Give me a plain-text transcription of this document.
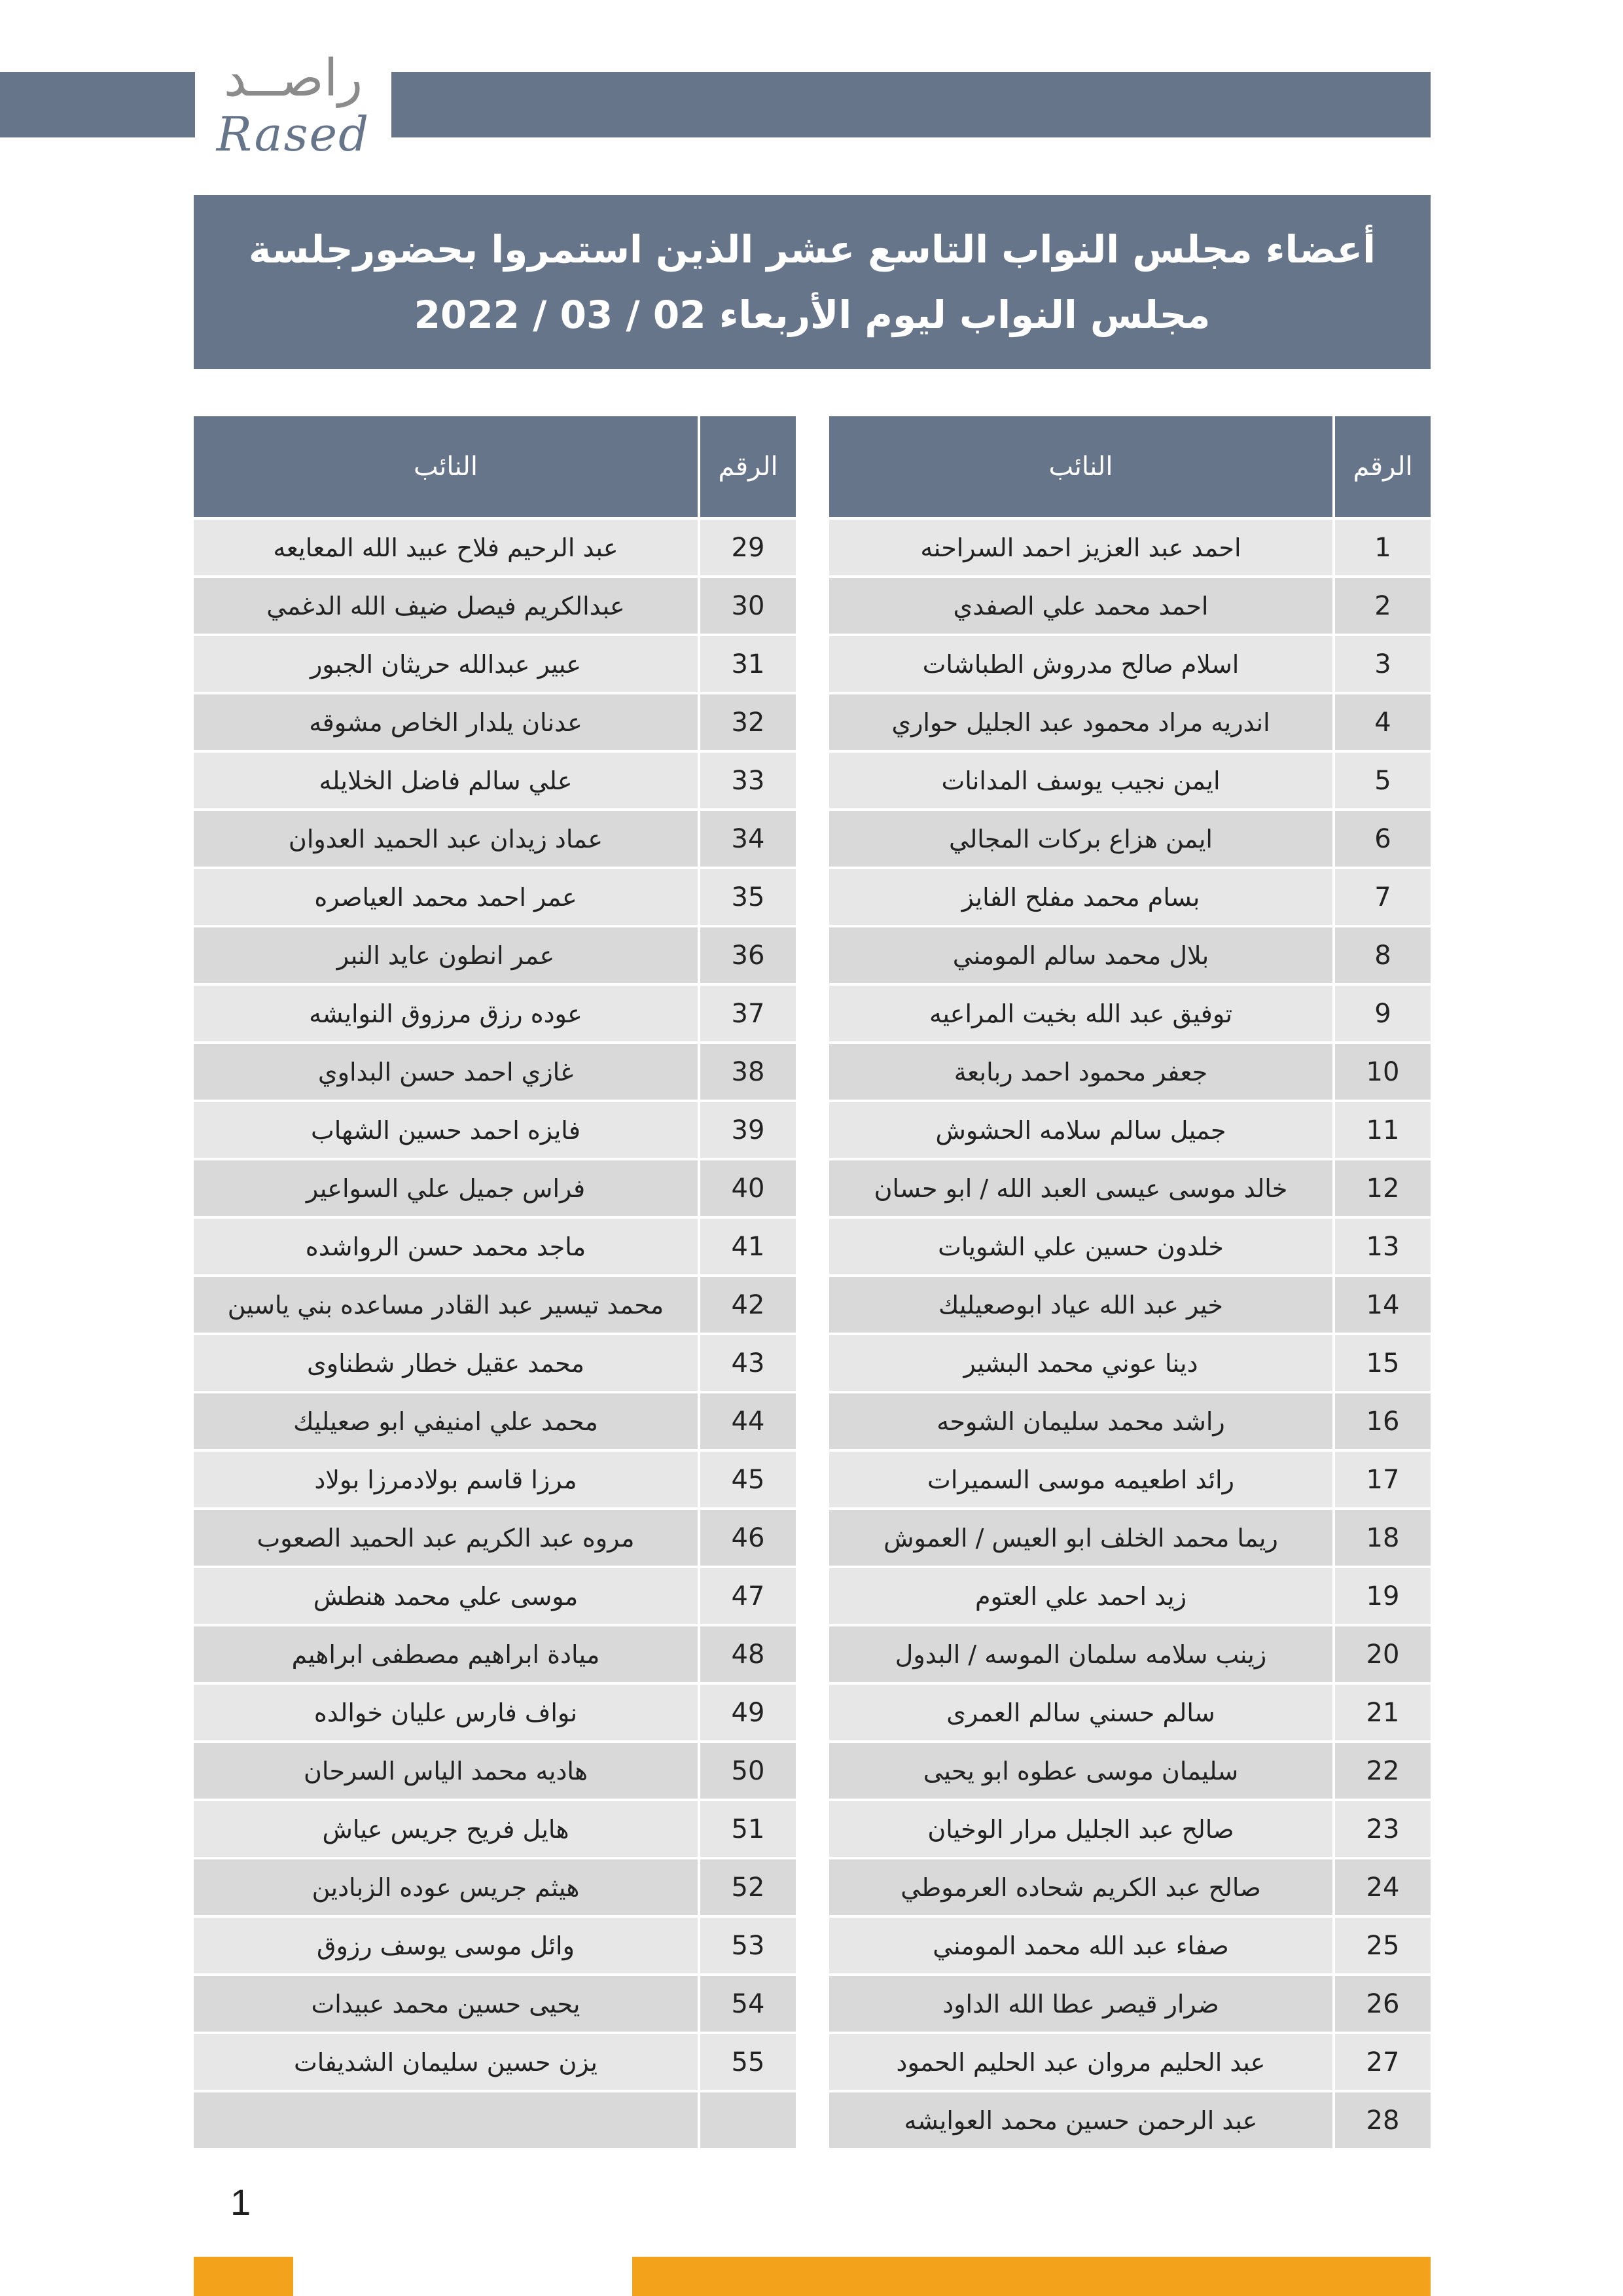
راصــد
Rased
أعضاء مجلس النواب التاسع عشر الذين استمروا بحضورجلسة
مجلس النواب ليوم الأربعاء 02 / 03 / 2022
النائب	الرقم
عبد الرحيم فلاح عبيد الله المعايعه	29
عبدالكريم فيصل ضيف الله الدغمي	30
عبير عبدالله حريثان الجبور	31
عدنان يلدار الخاص مشوقه	32
علي سالم فاضل الخلايله	33
عماد زيدان عبد الحميد العدوان	34
عمر احمد محمد العياصره	35
عمر انطون عايد النبر	36
عوده رزق مرزوق النوايشه	37
غازي احمد حسن البداوي	38
فايزه احمد حسين الشهاب	39
فراس جميل علي السواعير	40
ماجد محمد حسن الرواشده	41
محمد تيسير عبد القادر مساعده بني ياسين	42
محمد عقيل خطار شطناوى	43
محمد علي امنيفي ابو صعيليك	44
مرزا قاسم بولادمرزا بولاد	45
مروه عبد الكريم عبد الحميد الصعوب	46
موسى علي محمد هنطش	47
ميادة ابراهيم مصطفى ابراهيم	48
نواف فارس عليان خوالده	49
هاديه محمد الياس السرحان	50
هايل فريح جريس عياش	51
هيثم جريس عوده الزبادين	52
وائل موسى يوسف رزوق	53
يحيى حسين محمد عبيدات	54
يزن حسين سليمان الشديفات	55

النائب	الرقم
احمد عبد العزيز احمد السراحنه	1
احمد محمد علي الصفدي	2
اسلام صالح مدروش الطباشات	3
اندريه مراد محمود عبد الجليل حواري	4
ايمن نجيب يوسف المدانات	5
ايمن هزاع بركات المجالي	6
بسام محمد مفلح الفايز	7
بلال محمد سالم المومني	8
توفيق عبد الله بخيت المراعيه	9
جعفر محمود احمد ربابعة	10
جميل سالم سلامه الحشوش	11
خالد موسى عيسى العبد الله / ابو حسان	12
خلدون حسين علي الشويات	13
خير عبد الله عياد ابوصعيليك	14
دينا عوني محمد البشير	15
راشد محمد سليمان الشوحه	16
رائد اطعيمه موسى السميرات	17
ريما محمد الخلف ابو العيس / العموش	18
زيد احمد علي العتوم	19
زينب سلامه سلمان الموسه / البدول	20
سالم حسني سالم العمرى	21
سليمان موسى عطوه ابو يحيى	22
صالح عبد الجليل مرار الوخيان	23
صالح عبد الكريم شحاده العرموطي	24
صفاء عبد الله محمد المومني	25
ضرار قيصر عطا الله الداود	26
عبد الحليم مروان عبد الحليم الحمود	27
عبد الرحمن حسين محمد العوايشه	28
1
